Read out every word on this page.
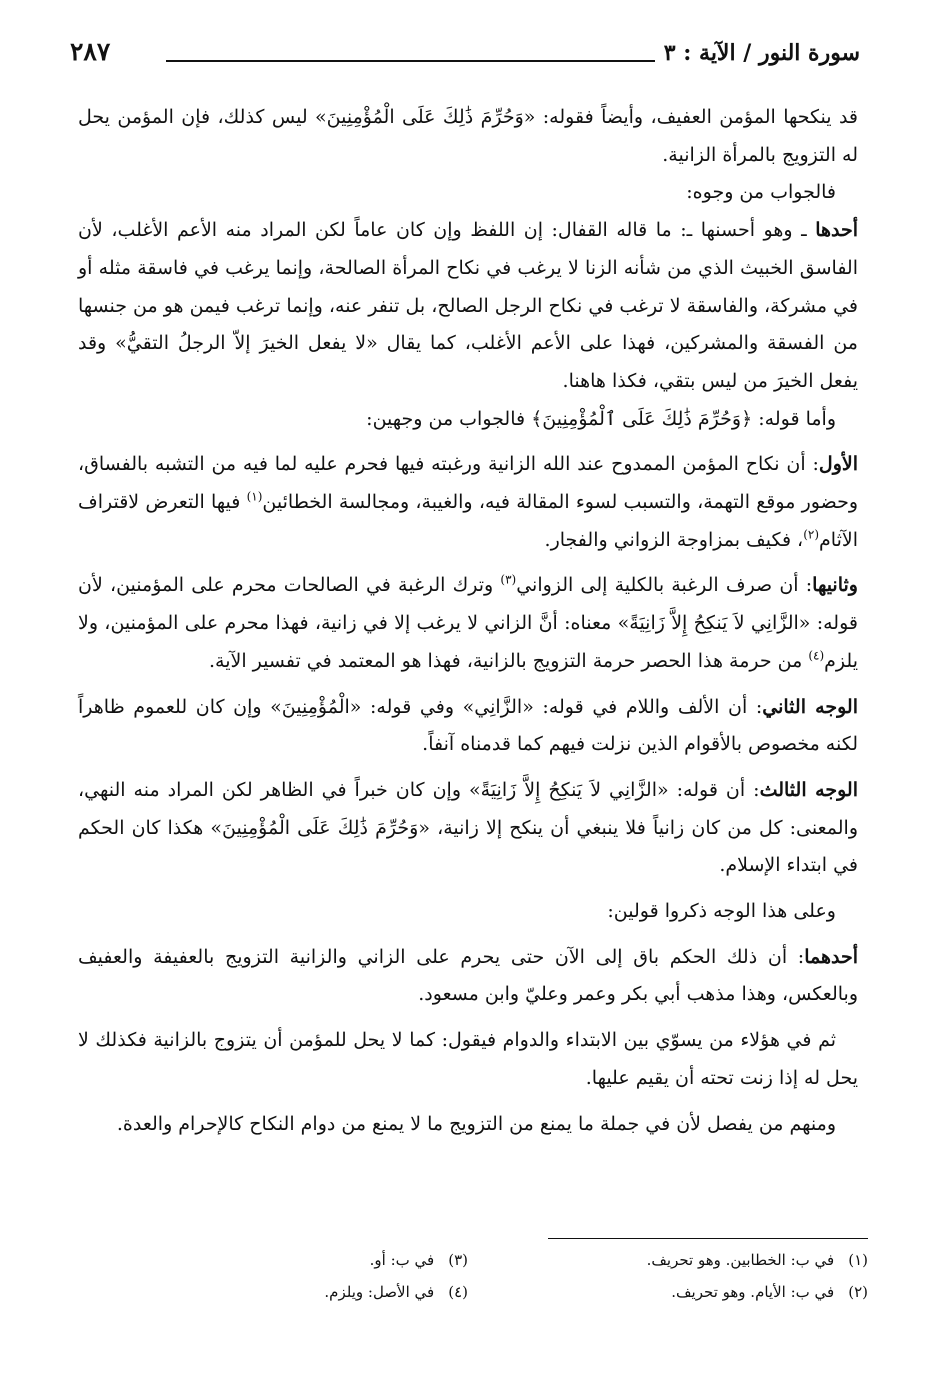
سورة النور / الآية : ٣
٢٨٧

قد ينكحها المؤمن العفيف، وأيضاً فقوله: «وَحُرِّمَ ذَٰلِكَ عَلَى الْمُؤْمِنِينَ» ليس كذلك، فإن المؤمن يحل له التزويج بالمرأة الزانية.

فالجواب من وجوه:

أحدها ـ وهو أحسنها ـ: ما قاله القفال: إن اللفظ وإن كان عاماً لكن المراد منه الأعم الأغلب، لأن الفاسق الخبيث الذي من شأنه الزنا لا يرغب في نكاح المرأة الصالحة، وإنما يرغب في فاسقة مثله أو في مشركة، والفاسقة لا ترغب في نكاح الرجل الصالح، بل تنفر عنه، وإنما ترغب فيمن هو من جنسها من الفسقة والمشركين، فهذا على الأعم الأغلب، كما يقال «لا يفعل الخيرَ إلاّ الرجلُ التقيُّ» وقد يفعل الخيرَ من ليس بتقي، فكذا هاهنا.

وأما قوله: ﴿وَحُرِّمَ ذَٰلِكَ عَلَى ٱلْمُؤْمِنِينَ﴾ فالجواب من وجهين:

الأول: أن نكاح المؤمن الممدوح عند الله الزانية ورغبته فيها فحرم عليه لما فيه من التشبه بالفساق، وحضور موقع التهمة، والتسبب لسوء المقالة فيه، والغيبة، ومجالسة الخطائين$^{(١)}$ فيها التعرض لاقتراف الآثام$^{(٢)}$، فكيف بمزاوجة الزواني والفجار.

وثانيها: أن صرف الرغبة بالكلية إلى الزواني$^{(٣)}$ وترك الرغبة في الصالحات محرم على المؤمنين، لأن قوله: «الزَّانِي لاَ يَنكِحُ إِلاَّ زَانِيَةً» معناه: أنَّ الزاني لا يرغب إلا في زانية، فهذا محرم على المؤمنين، ولا يلزم$^{(٤)}$ من حرمة هذا الحصر حرمة التزويج بالزانية، فهذا هو المعتمد في تفسير الآية.

الوجه الثاني: أن الألف واللام في قوله: «الزَّانِي» وفي قوله: «الْمُؤْمِنِينَ» وإن كان للعموم ظاهراً لكنه مخصوص بالأقوام الذين نزلت فيهم كما قدمناه آنفاً.

الوجه الثالث: أن قوله: «الزَّانِي لاَ يَنكِحُ إِلاَّ زَانِيَةً» وإن كان خبراً في الظاهر لكن المراد منه النهي، والمعنى: كل من كان زانياً فلا ينبغي أن ينكح إلا زانية، «وَحُرِّمَ ذَٰلِكَ عَلَى الْمُؤْمِنِينَ» هكذا كان الحكم في ابتداء الإسلام.

وعلى هذا الوجه ذكروا قولين:

أحدهما: أن ذلك الحكم باق إلى الآن حتى يحرم على الزاني والزانية التزويج بالعفيفة والعفيف وبالعكس، وهذا مذهب أبي بكر وعمر وعليّ وابن مسعود.

ثم في هؤلاء من يسوّي بين الابتداء والدوام فيقول: كما لا يحل للمؤمن أن يتزوج بالزانية فكذلك لا يحل له إذا زنت تحته أن يقيم عليها.

ومنهم من يفصل لأن في جملة ما يمنع من التزويج ما لا يمنع من دوام النكاح كالإحرام والعدة.

(١)في ب: الخطابين. وهو تحريف.
(٣)في ب: أو.
(٢)في ب: الأيام. وهو تحريف.
(٤)في الأصل: ويلزم.
